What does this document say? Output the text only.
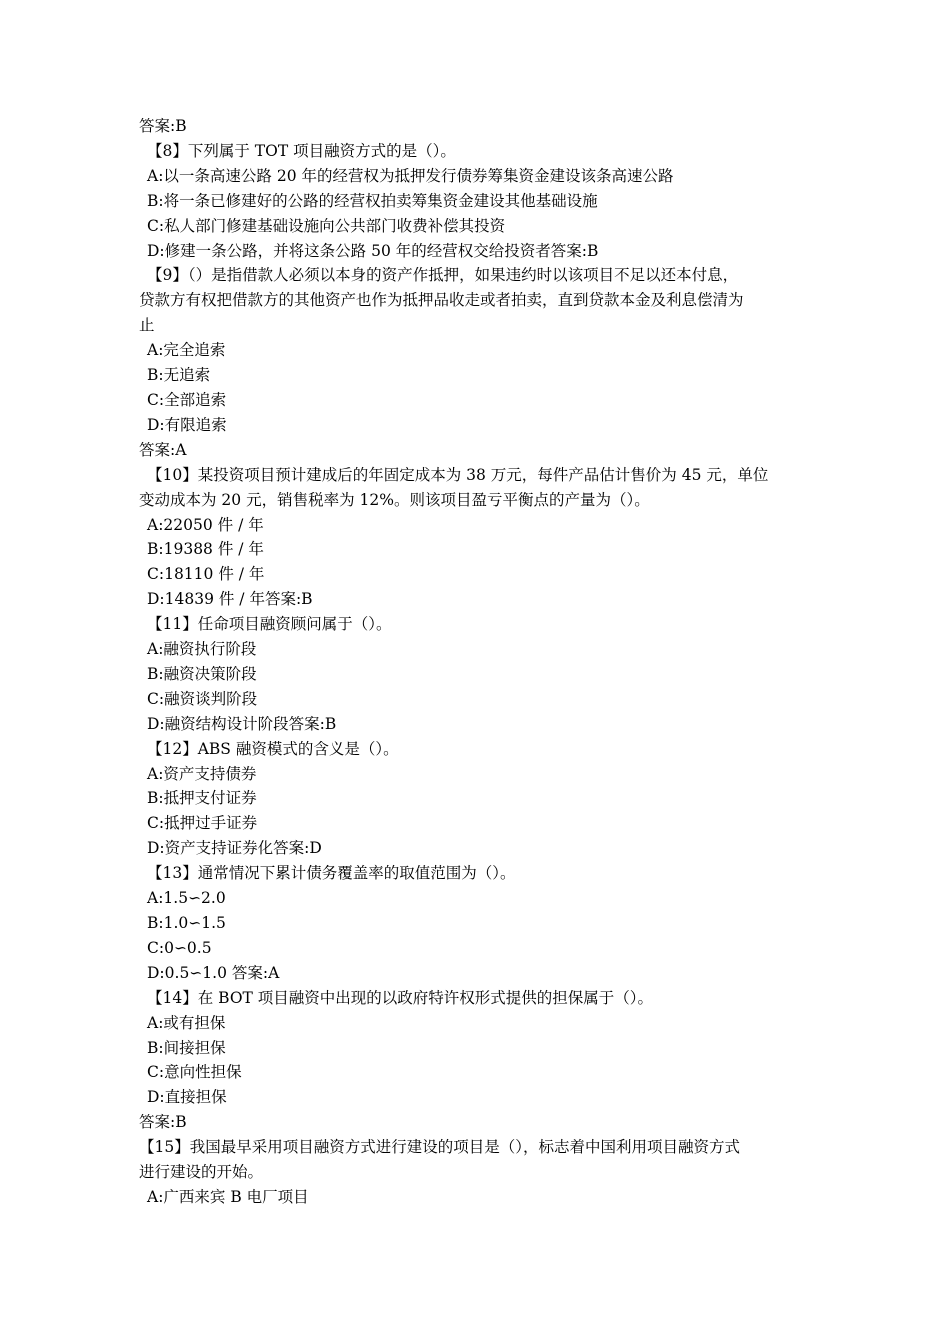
答案:B
【8】下列属于 TOT 项目融资方式的是（）。
A:以一条高速公路 20 年的经营权为抵押发行债券筹集资金建设该条高速公路
B:将一条已修建好的公路的经营权拍卖筹集资金建设其他基础设施
C:私人部门修建基础设施向公共部门收费补偿其投资
D:修建一条公路，并将这条公路 50 年的经营权交给投资者答案:B
【9】（）是指借款人必须以本身的资产作抵押，如果违约时以该项目不足以还本付息，
贷款方有权把借款方的其他资产也作为抵押品收走或者拍卖，直到贷款本金及利息偿清为
止
A:完全追索
B:无追索
C:全部追索
D:有限追索
答案:A
【10】某投资项目预计建成后的年固定成本为 38 万元，每件产品估计售价为 45 元，单位
变动成本为 20 元，销售税率为 12%。则该项目盈亏平衡点的产量为（）。
A:22050 件 / 年
B:19388 件 / 年
C:18110 件 / 年
D:14839 件 / 年答案:B
【11】任命项目融资顾问属于（）。
A:融资执行阶段
B:融资决策阶段
C:融资谈判阶段
D:融资结构设计阶段答案:B
【12】ABS 融资模式的含义是（）。
A:资产支持债券
B:抵押支付证券
C:抵押过手证券
D:资产支持证券化答案:D
【13】通常情况下累计债务覆盖率的取值范围为（）。
A:1.5∽2.0
B:1.0∽1.5
C:0∽0.5
D:0.5∽1.0 答案:A
【14】在 BOT 项目融资中出现的以政府特许权形式提供的担保属于（）。
A:或有担保
B:间接担保
C:意向性担保
D:直接担保
答案:B
【15】我国最早采用项目融资方式进行建设的项目是（），标志着中国利用项目融资方式
进行建设的开始。
A:广西来宾 B 电厂项目
